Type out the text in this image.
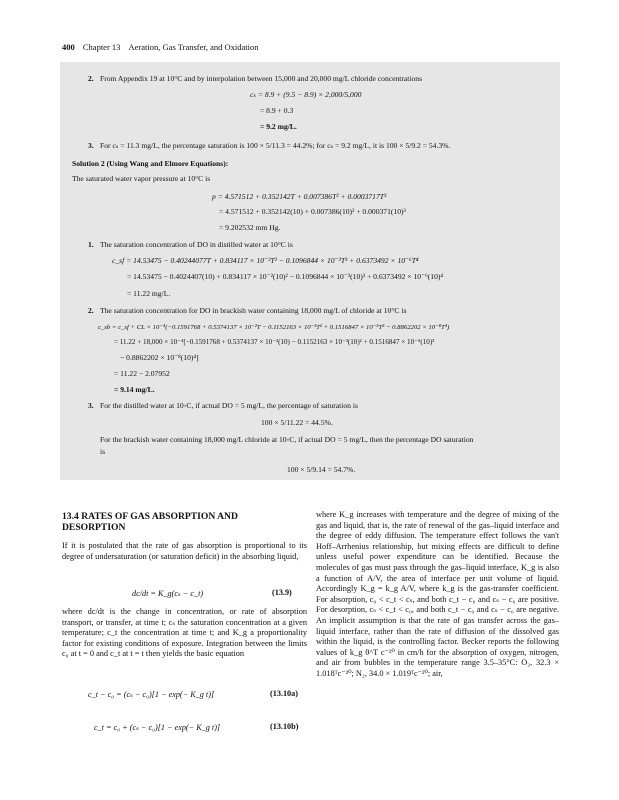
400 Chapter 13 Aeration, Gas Transfer, and Oxidation
2. From Appendix 19 at 10°C and by interpolation between 15,000 and 20,000 mg/L chloride concentrations
cₛ = 8.9 + (9.5 − 8.9) × 2,000/5,000
= 8.9 + 0.3
= 9.2 mg/L.
3. For cₛ = 11.3 mg/L, the percentage saturation is 100 × 5/11.3 = 44.2%; for cₛ = 9.2 mg/L, it is 100 × 5/9.2 = 54.3%.
Solution 2 (Using Wang and Elmore Equations):
The saturated water vapor pressure at 10°C is
p = 4.571512 + 0.352142T + 0.007386T² + 0.0003717T³
= 4.571512 + 0.352142(10) + 0.007386(10)² + 0.000371(10)³
= 9.202532 mm Hg.
1. The saturation concentration of DO in distilled water at 10°C is
c_sf = 14.53475 − 0.40244077T + 0.834117 × 10⁻²T² − 0.1096844 × 10⁻³T³ + 0.6373492 × 10⁻⁶T⁴
= 14.53475 − 0.4024407(10) + 0.834117 × 10⁻²(10)² − 0.1096844 × 10⁻³(10)³ + 0.6373492 × 10⁻⁶(10)⁴
= 11.22 mg/L.
2. The saturation concentration for DO in brackish water containing 18,000 mg/L of chloride at 10°C is
c_sb = c_sf + CL × 10⁻⁴(−0.1591768 + 0.5374137 × 10⁻²T − 0.1152163 × 10⁻³T² + 0.1516847 × 10⁻⁵T³ − 0.8862202 × 10⁻⁸T⁴)
= 11.22 + 18,000 × 10⁻⁴[−0.1591768 + 0.5374137 × 10⁻²(10) − 0.1152163 × 10⁻³(10)² + 0.1516847 × 10⁻⁵(10)³
− 0.8862202 × 10⁻⁸(10)⁴]
= 11.22 − 2.07952
= 9.14 mg/L.
3. For the distilled water at 10◦C, if actual DO = 5 mg/L, the percentage of saturation is
100 × 5/11.22 = 44.5%.
For the brackish water containing 18,000 mg/L chloride at 10◦C, if actual DO = 5 mg/L, then the percentage DO saturation
is
100 × 5/9.14 = 54.7%.
13.4 RATES OF GAS ABSORPTION AND DESORPTION

If it is postulated that the rate of gas absorption is proportional to its degree of undersaturation (or saturation deficit) in the absorbing liquid,

dc/dt = K_g(cₛ − c_t)	(13.9)

where dc/dt is the change in concentration, or rate of absorption transport, or transfer, at time t; cₛ the saturation concentration at a given temperature; c_t the concentration at time t; and K_g a proportionality factor for existing conditions of exposure. Integration between the limits c₀ at t = 0 and c_t at t = t then yields the basic equation

c_t − c₀ = (cₛ − c₀)[1 − exp(− K_g t)]	(13.10a)
c_t = c₀ + (cₛ − c₀)[1 − exp(− K_g t)]	(13.10b)

where K_g increases with temperature and the degree of mixing of the gas and liquid, that is, the rate of renewal of the gas–liquid interface and the degree of eddy diffusion. The temperature effect follows the van't Hoff–Arrhenius relationship, but mixing effects are difficult to define unless useful power expenditure can be identified. Because the molecules of gas must pass through the gas–liquid interface, K_g is also a function of A/V, the area of interface per unit volume of liquid. Accordingly K_g = k_g A/V, where k_g is the gas-transfer coefficient. For absorption, c₀ < c_t < cₛ, and both c_t − c₀ and cₛ − c₀ are positive. For desorption, cₛ < c_t < c₀, and both c_t − c₀ and cₛ − c₀ are negative. An implicit assumption is that the rate of gas transfer across the gas–liquid interface, rather than the rate of diffusion of the dissolved gas within the liquid, is the controlling factor. Becker reports the following values of k_g θ^T c⁻²⁰ in cm/h for the absorption of oxygen, nitrogen, and air from bubbles in the temperature range 3.5–35°C: O₂, 32.3 × 1.018ᵀc⁻²⁰; N₂, 34.0 × 1.019ᵀc⁻²⁰; air,
